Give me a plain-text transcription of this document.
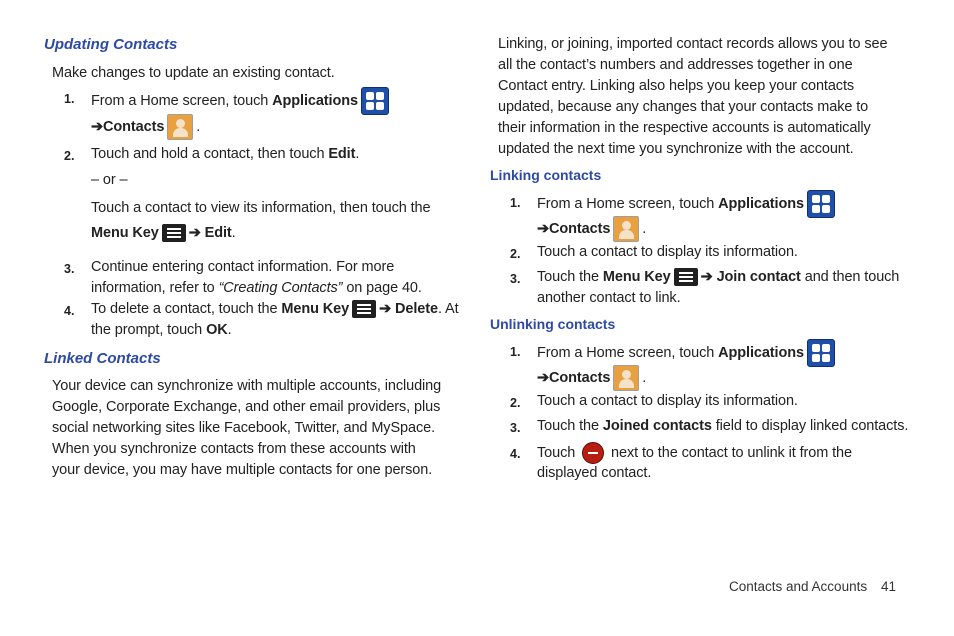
Updating Contacts
Make changes to update an existing contact.
1. From a Home screen, touch Applications
➔Contacts .
2. Touch and hold a contact, then touch Edit.
– or –
Touch a contact to view its information, then touch the
Menu Key ➔ Edit.
3. Continue entering contact information. For more
information, refer to “Creating Contacts” on page 40.
4. To delete a contact, touch the Menu Key ➔ Delete. At
the prompt, touch OK.
Linked Contacts
Your device can synchronize with multiple accounts, including Google, Corporate Exchange, and other email providers, plus social networking sites like Facebook, Twitter, and MySpace. When you synchronize contacts from these accounts with your device, you may have multiple contacts for one person.
Linking, or joining, imported contact records allows you to see all the contact’s numbers and addresses together in one Contact entry. Linking also helps you keep your contacts updated, because any changes that your contacts make to their information in the respective accounts is automatically updated the next time you synchronize with the account.
Linking contacts
1. From a Home screen, touch Applications
➔Contacts .
2. Touch a contact to display its information.
3. Touch the Menu Key ➔ Join contact and then touch
another contact to link.
Unlinking contacts
1. From a Home screen, touch Applications
➔Contacts .
2. Touch a contact to display its information.
3. Touch the Joined contacts field to display linked contacts.
4. Touch
next to the contact to unlink it from the
displayed contact.
Contacts and Accounts 41
